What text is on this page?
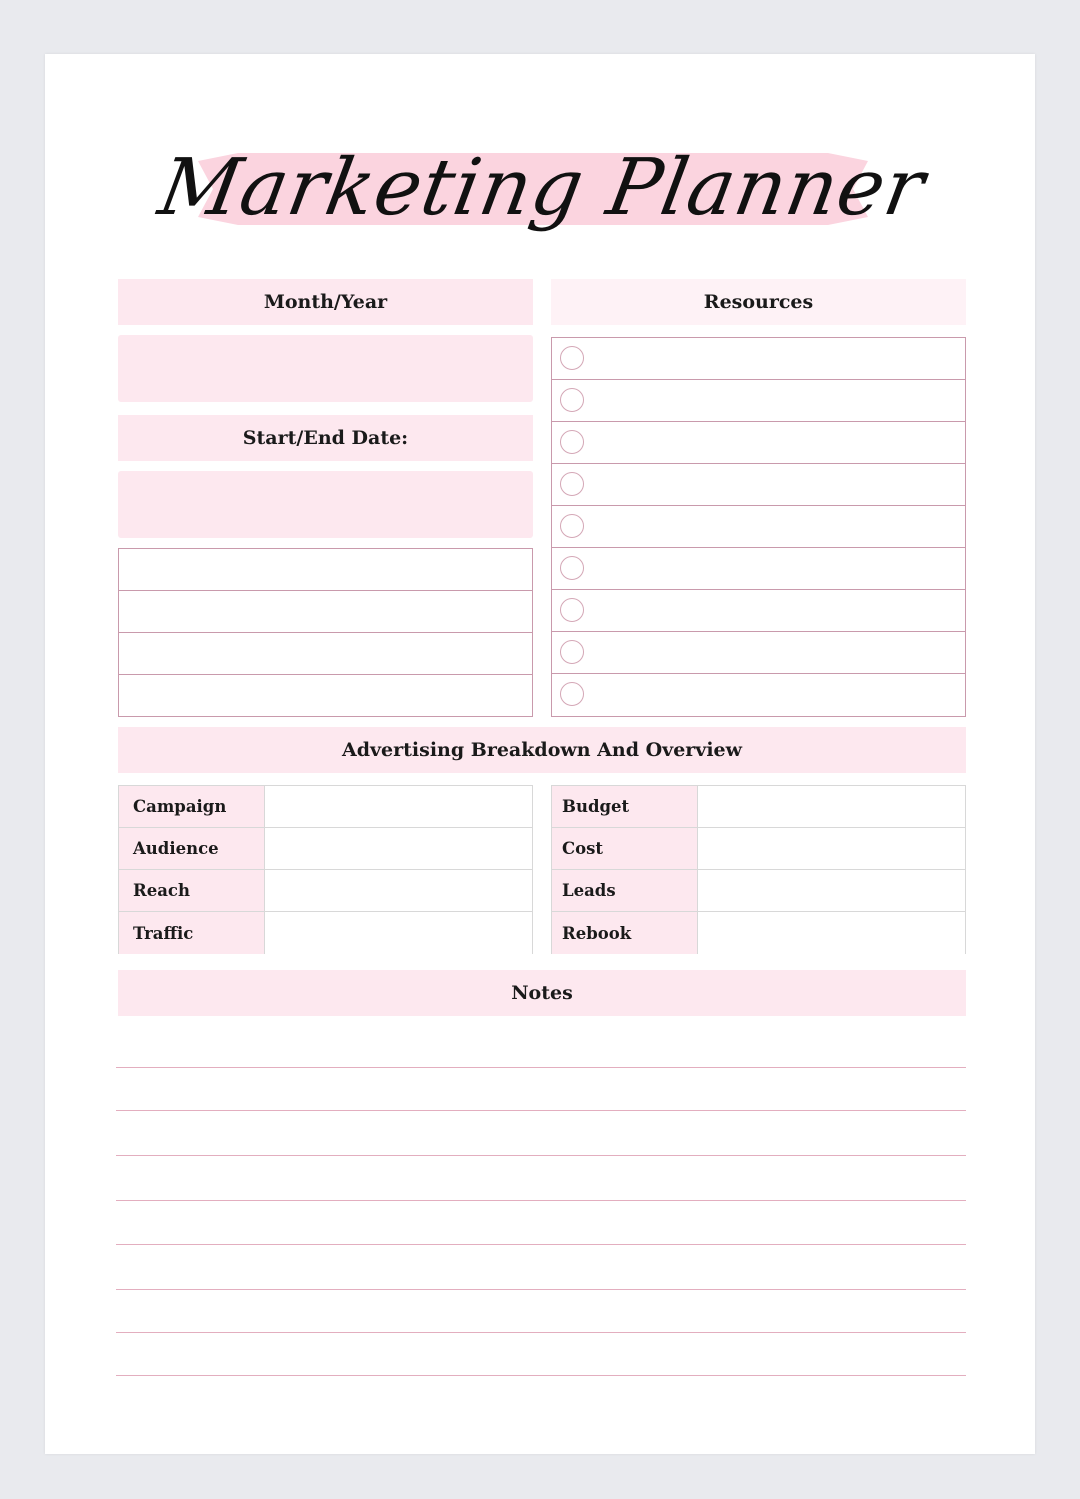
Marketing Planner
Month/Year
Start/End Date:
Resources
Advertising Breakdown And Overview
Campaign
Audience
Reach
Traffic
Budget
Cost
Leads
Rebook
Notes
